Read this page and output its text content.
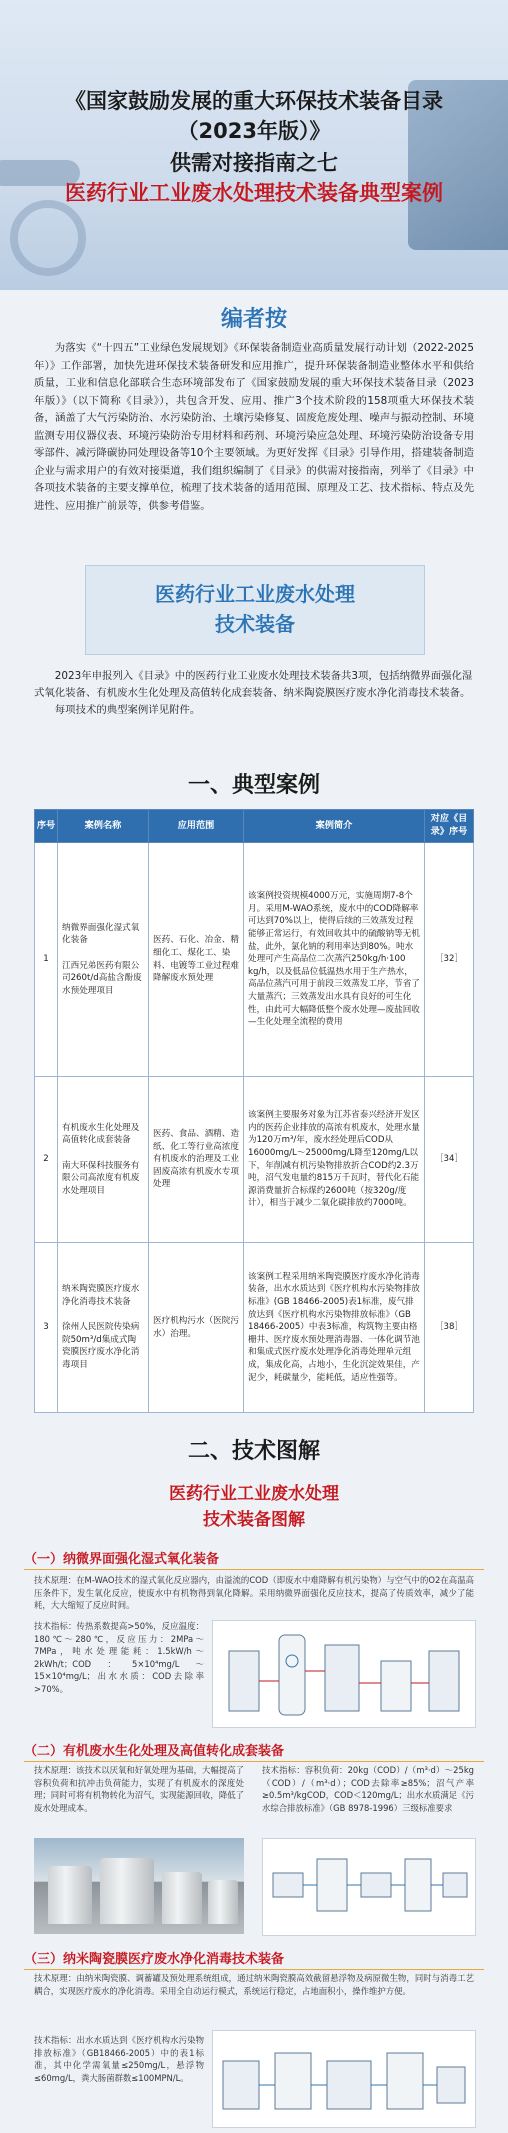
《国家鼓励发展的重大环保技术装备目录（2023年版）》
供需对接指南之七
医药行业工业废水处理技术装备典型案例
编者按
为落实《“十四五”工业绿色发展规划》《环保装备制造业高质量发展行动计划（2022-2025年）》工作部署，加快先进环保技术装备研发和应用推广，提升环保装备制造业整体水平和供给质量，工业和信息化部联合生态环境部发布了《国家鼓励发展的重大环保技术装备目录（2023年版）》（以下简称《目录》），共包含开发、应用、推广3个技术阶段的158项重大环保技术装备，涵盖了大气污染防治、水污染防治、土壤污染修复、固废危废处理、噪声与振动控制、环境监测专用仪器仪表、环境污染防治专用材料和药剂、环境污染应急处理、环境污染防治设备专用零部件、减污降碳协同处理设备等10个主要领域。为更好发挥《目录》引导作用，搭建装备制造企业与需求用户的有效对接渠道，我们组织编制了《目录》的供需对接指南，列举了《目录》中各项技术装备的主要支撑单位，梳理了技术装备的适用范围、原理及工艺、技术指标、特点及先进性、应用推广前景等，供参考借鉴。
医药行业工业废水处理
技术装备

2023年申报列入《目录》中的医药行业工业废水处理技术装备共3项，包括纳微界面强化湿式氧化装备、有机废水生化处理及高值转化成套装备、纳米陶瓷膜医疗废水净化消毒技术装备。

每项技术的典型案例详见附件。

一、典型案例
序号	案例名称	应用范围	案例简介	对应《目录》序号
1	纳微界面强化湿式氧化装备

江西兄弟医药有限公司260t/d高盐含酚废水预处理项目	医药、石化、冶金、精细化工、煤化工、染料、电镀等工业过程难降解废水预处理	该案例投资规模4000万元，实施周期7-8个月。采用M-WAO系统，废水中的COD降解率可达到70%以上，使得后续的三效蒸发过程能够正常运行，有效回收其中的硫酸钠等无机盐，此外，氯化钠的利用率达到80%。吨水处理可产生高品位二次蒸汽250kg/h·100 kg/h，以及低品位低温热水用于生产热水，高品位蒸汽可用于前段三效蒸发工序，节省了大量蒸汽；三效蒸发出水具有良好的可生化性，由此可大幅降低整个废水处理—废盐回收—生化处理全流程的费用	［32］
2	有机废水生化处理及高值转化成套装备

南大环保科技服务有限公司高浓度有机废水处理项目	医药、食品、酒精、造纸、化工等行业高浓度有机废水的治理及工业固废高浓有机废水专项处理	该案例主要服务对象为江苏省泰兴经济开发区内的医药企业排放的高浓有机废水，处理水量为120万m³/年，废水经处理后COD从16000mg/L～25000mg/L降至120mg/L以下，年削减有机污染物排放折合COD约2.3万吨，沼气发电量约815万千瓦时，替代化石能源消费量折合标煤约2600吨（按320g/度计），相当于减少二氧化碳排放约7000吨。	［34］
3	纳米陶瓷膜医疗废水净化消毒技术装备

徐州人民医院传染病院50m³/d集成式陶瓷膜医疗废水净化消毒项目	医疗机构污水（医院污水）治理。	该案例工程采用纳米陶瓷膜医疗废水净化消毒装备，出水水质达到《医疗机构水污染物排放标准》(GB 18466-2005)表1标准，废气排放达到《医疗机构水污染物排放标准》（GB 18466-2005）中表3标准，构筑物主要由格栅井、医疗废水预处理消毒器、一体化调节池和集成式医疗废水处理净化消毒处理单元组成，集成化高，占地小，生化沉淀效果佳，产泥少，耗碳量少，能耗低，适应性强等。	［38］
二、技术图解
医药行业工业废水处理
技术装备图解
（一）纳微界面强化湿式氧化装备
技术原理：在M-WAO技术的湿式氧化反应器内，由溢流的COD（即废水中难降解有机污染物）与空气中的O2在高温高压条件下，发生氧化反应，使废水中有机物得到氧化降解。采用纳微界面强化反应技术，提高了传质效率，减少了能耗，大大缩短了反应时间。
技术指标：传热系数提高>50%，反应温度：180℃～280℃，反应压力：2MPa～7MPa，吨水处理能耗：1.5kW/h～2kWh/t；COD：5×10⁴mg/L～15×10⁴mg/L；出水水质：COD去除率>70%。
（二）有机废水生化处理及高值转化成套装备
技术原理：该技术以厌氧和好氧处理为基础，大幅提高了容积负荷和抗冲击负荷能力，实现了有机废水的深度处理；同时可将有机物转化为沼气，实现能源回收，降低了废水处理成本。
技术指标：容积负荷：20kg（COD）/（m³·d）～25kg（COD）/（m³·d）；COD去除率≥85%；沼气产率≥0.5m³/kgCOD，COD＜120mg/L；出水水质满足《污水综合排放标准》（GB 8978-1996）三级标准要求
（三）纳米陶瓷膜医疗废水净化消毒技术装备
技术原理：由纳米陶瓷膜、调蓄罐及预处理系统组成，通过纳米陶瓷膜高效截留悬浮物及病原微生物，同时与消毒工艺耦合，实现医疗废水的净化消毒。采用全自动运行模式，系统运行稳定，占地面积小，操作维护方便。
技术指标：出水水质达到《医疗机构水污染物排放标准》（GB18466-2005）中的表1标准，其中化学需氧量≤250mg/L，悬浮物≤60mg/L，粪大肠菌群数≤100MPN/L。
